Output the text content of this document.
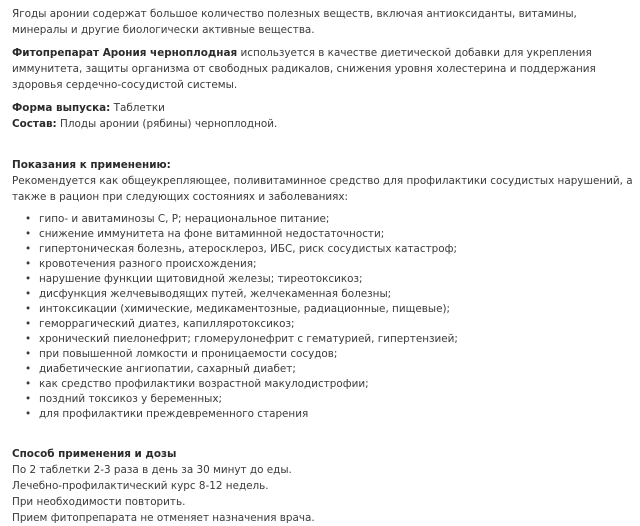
Ягоды аронии содержат большое количество полезных веществ, включая антиоксиданты, витамины, минералы и другие биологически активные вещества.

Фитопрепарат Арония черноплодная используется в качестве диетической добавки для укрепления иммунитета, защиты организма от свободных радикалов, снижения уровня холестерина и поддержания здоровья сердечно-сосудистой системы.

Форма выпуска: Таблетки

Состав: Плоды аронии (рябины) черноплодной.

Показания к применению:

Рекомендуется как общеукрепляющее, поливитаминное средство для профилактики сосудистых нарушений, а также в рацион при следующих состояниях и заболеваниях:

• гипо- и авитаминозы С, Р; нерациональное питание;
• снижение иммунитета на фоне витаминной недостаточности;
• гипертоническая болезнь, атеросклероз, ИБС, риск сосудистых катастроф;
• кровотечения разного происхождения;
• нарушение функции щитовидной железы; тиреотоксикоз;
• дисфункция желчевыводящих путей, желчекаменная болезны;
• интоксикации (химические, медикаментозные, радиационные, пищевые);
• геморрагический диатез, капилляротоксикоз;
• хронический пиелонефрит; гломерулонефрит с гематурией, гипертензией;
• при повышенной ломкости и проницаемости сосудов;
• диабетические ангиопатии, сахарный диабет;
• как средство профилактики возрастной макулодистрофии;
• поздний токсикоз у беременных;
• для профилактики преждевременного старения

Способ применения и дозы

По 2 таблетки 2-3 раза в день за 30 минут до еды.

Лечебно-профилактический курс 8-12 недель.

При необходимости повторить.

Прием фитопрепарата не отменяет назначения врача.
